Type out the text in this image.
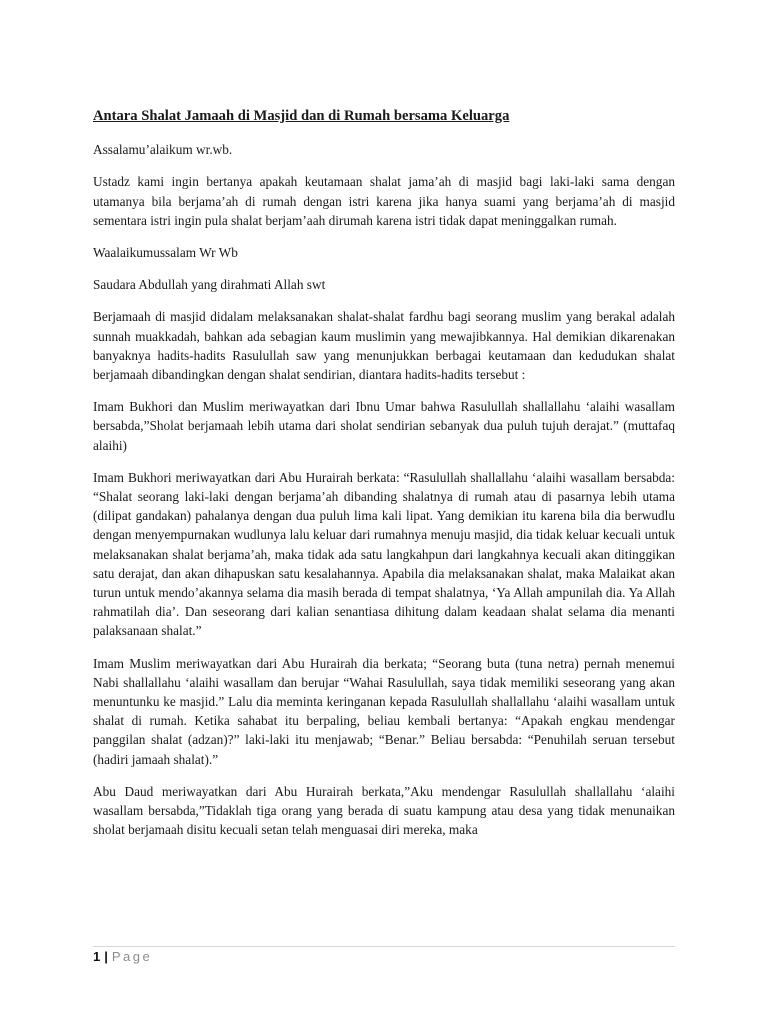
Antara Shalat Jamaah di Masjid dan di Rumah bersama Keluarga

Assalamu’alaikum wr.wb.

Ustadz kami ingin bertanya apakah keutamaan shalat jama’ah di masjid bagi laki-laki sama dengan utamanya bila berjama’ah di rumah dengan istri karena jika hanya suami yang berjama’ah di masjid sementara istri ingin pula shalat berjam’aah dirumah karena istri tidak dapat meninggalkan rumah.

Waalaikumussalam Wr Wb

Saudara Abdullah yang dirahmati Allah swt

Berjamaah di masjid didalam melaksanakan shalat-shalat fardhu bagi seorang muslim yang berakal adalah sunnah muakkadah, bahkan ada sebagian kaum muslimin yang mewajibkannya. Hal demikian dikarenakan banyaknya hadits-hadits Rasulullah saw yang menunjukkan berbagai keutamaan dan kedudukan shalat berjamaah dibandingkan dengan shalat sendirian, diantara hadits-hadits tersebut :

Imam Bukhori dan Muslim meriwayatkan dari Ibnu Umar bahwa Rasulullah shallallahu ‘alaihi wasallam bersabda,”Sholat berjamaah lebih utama dari sholat sendirian sebanyak dua puluh tujuh derajat.” (muttafaq alaihi)

Imam Bukhori meriwayatkan dari Abu Hurairah berkata: “Rasulullah shallallahu ‘alaihi wasallam bersabda: “Shalat seorang laki-laki dengan berjama’ah dibanding shalatnya di rumah atau di pasarnya lebih utama (dilipat gandakan) pahalanya dengan dua puluh lima kali lipat. Yang demikian itu karena bila dia berwudlu dengan menyempurnakan wudlunya lalu keluar dari rumahnya menuju masjid, dia tidak keluar kecuali untuk melaksanakan shalat berjama’ah, maka tidak ada satu langkahpun dari langkahnya kecuali akan ditinggikan satu derajat, dan akan dihapuskan satu kesalahannya. Apabila dia melaksanakan shalat, maka Malaikat akan turun untuk mendo’akannya selama dia masih berada di tempat shalatnya, ‘Ya Allah ampunilah dia. Ya Allah rahmatilah dia’. Dan seseorang dari kalian senantiasa dihitung dalam keadaan shalat selama dia menanti palaksanaan shalat.”

Imam Muslim meriwayatkan dari Abu Hurairah dia berkata; “Seorang buta (tuna netra) pernah menemui Nabi shallallahu ‘alaihi wasallam dan berujar “Wahai Rasulullah, saya tidak memiliki seseorang yang akan menuntunku ke masjid.” Lalu dia meminta keringanan kepada Rasulullah shallallahu ‘alaihi wasallam untuk shalat di rumah. Ketika sahabat itu berpaling, beliau kembali bertanya: “Apakah engkau mendengar panggilan shalat (adzan)?” laki-laki itu menjawab; “Benar.” Beliau bersabda: “Penuhilah seruan tersebut (hadiri jamaah shalat).”

Abu Daud meriwayatkan dari Abu Hurairah berkata,”Aku mendengar Rasulullah shallallahu ‘alaihi wasallam bersabda,”Tidaklah tiga orang yang berada di suatu kampung atau desa yang tidak menunaikan sholat berjamaah disitu kecuali setan telah menguasai diri mereka, maka

1 | Page
